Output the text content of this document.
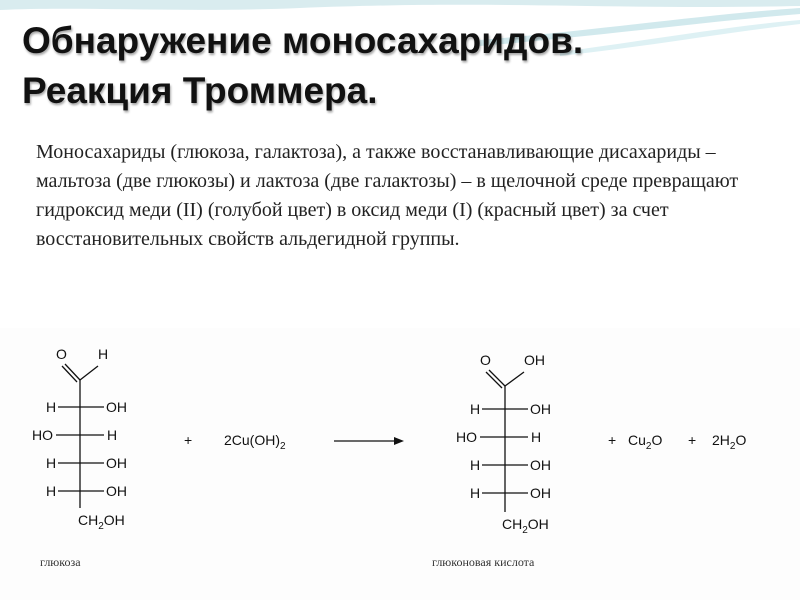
Обнаружение моносахаридов.
Реакция Троммера.
Моносахариды (глюкоза, галактоза), а также восстанавливающие дисахариды – мальтоза (две глюкозы) и лактоза (две галактозы) – в щелочной среде превращают гидроксид меди (II) (голубой цвет) в оксид меди (I) (красный цвет) за счет восстановительных свойств альдегидной группы.
O H
H	OH
HO	H
H	OH
H	OH
$CH_2OH$
глюкоза
+ $2Cu(OH)_2$
O OH
H	OH
HO	H
H	OH
H	OH
$CH_2OH$
глюконовая кислота
+ $Cu_2O + 2H_2O$
